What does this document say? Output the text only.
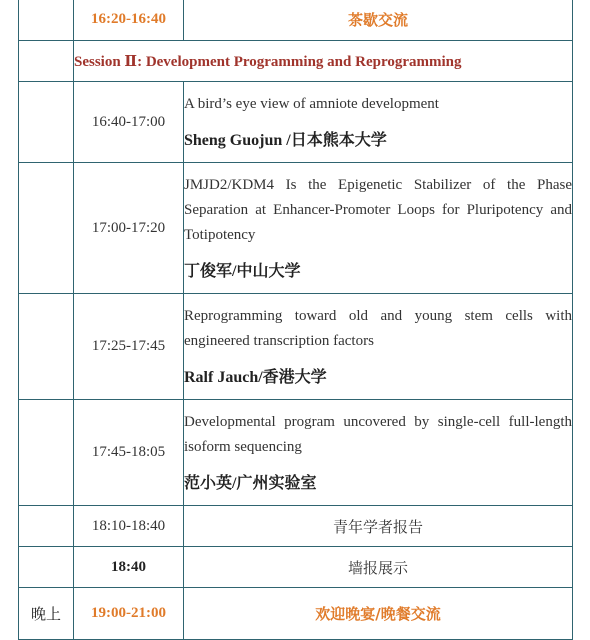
	16:20-16:40	茶歇交流
	Session Ⅱ: Development Programming and Reprogramming	
	16:40-17:00	A bird’s eye view of amniote development

Sheng Guojun /日本熊本大学

	17:00-17:20	JMJD2/KDM4 Is the Epigenetic Stabilizer of the Phase Separation at Enhancer-Promoter Loops for Pluripotency and Totipotency

丁俊军/中山大学

	17:25-17:45	Reprogramming toward old and young stem cells with engineered transcription factors

Ralf Jauch/香港大学

	17:45-18:05	Developmental program uncovered by single-cell full-length isoform sequencing

范小英/广州实验室

	18:10-18:40	青年学者报告
	18:40	墙报展示
晚上	19:00-21:00	欢迎晚宴/晚餐交流
